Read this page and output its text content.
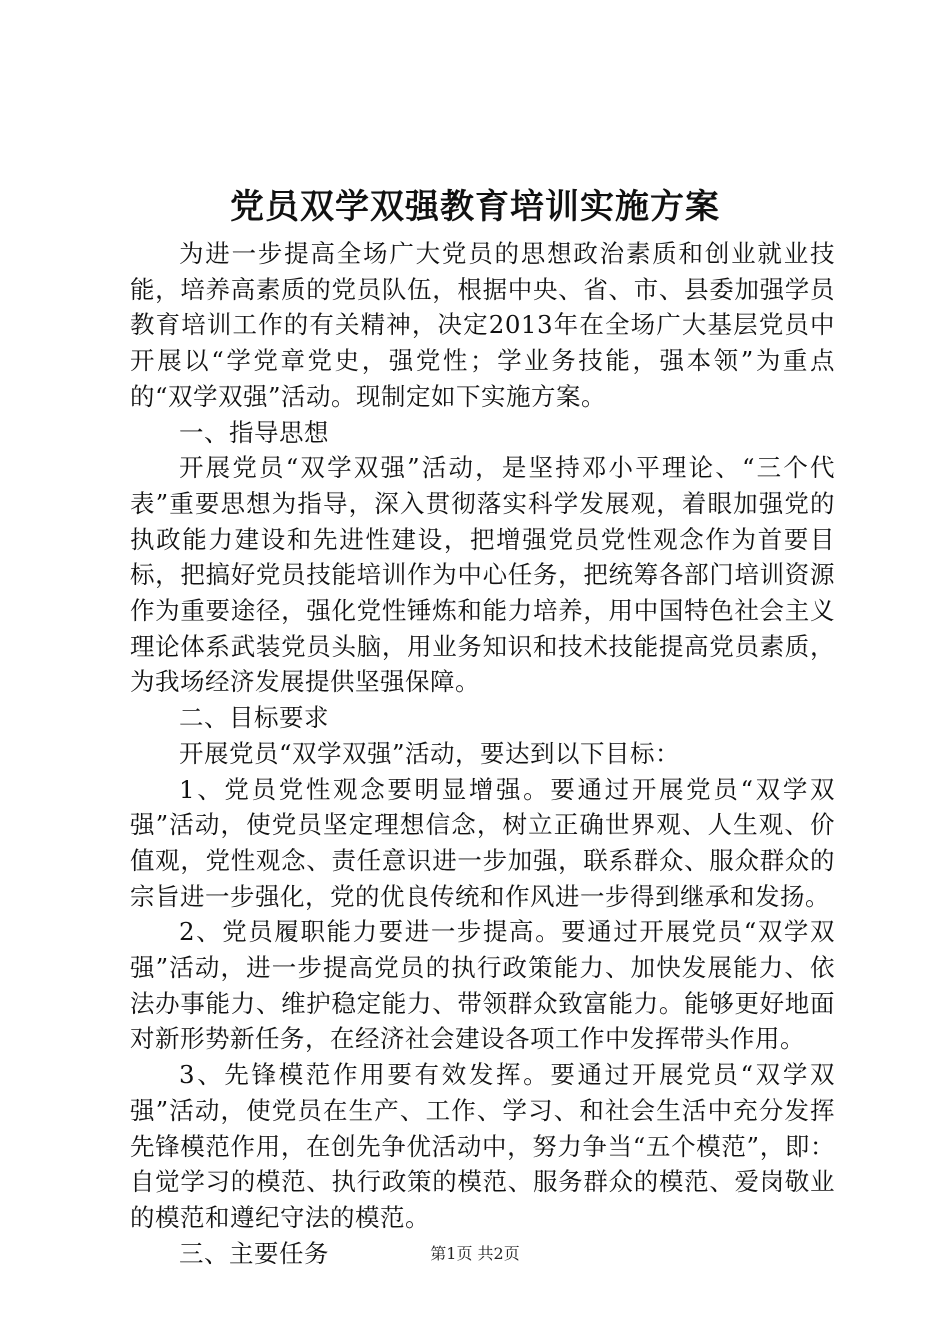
党员双学双强教育培训实施方案

为进一步提高全场广大党员的思想政治素质和创业就业技能，培养高素质的党员队伍，根据中央、省、市、县委加强学员教育培训工作的有关精神，决定2013年在全场广大基层党员中开展以“学党章党史，强党性；学业务技能，强本领”为重点的“双学双强”活动。现制定如下实施方案。

一、指导思想

开展党员“双学双强”活动，是坚持邓小平理论、“三个代表”重要思想为指导，深入贯彻落实科学发展观，着眼加强党的执政能力建设和先进性建设，把增强党员党性观念作为首要目标，把搞好党员技能培训作为中心任务，把统筹各部门培训资源作为重要途径，强化党性锤炼和能力培养，用中国特色社会主义理论体系武装党员头脑，用业务知识和技术技能提高党员素质，为我场经济发展提供坚强保障。

二、目标要求

开展党员“双学双强”活动，要达到以下目标：

1、党员党性观念要明显增强。要通过开展党员“双学双强”活动，使党员坚定理想信念，树立正确世界观、人生观、价值观，党性观念、责任意识进一步加强，联系群众、服众群众的宗旨进一步强化，党的优良传统和作风进一步得到继承和发扬。

2、党员履职能力要进一步提高。要通过开展党员“双学双强”活动，进一步提高党员的执行政策能力、加快发展能力、依法办事能力、维护稳定能力、带领群众致富能力。能够更好地面对新形势新任务，在经济社会建设各项工作中发挥带头作用。

3、先锋模范作用要有效发挥。要通过开展党员“双学双强”活动，使党员在生产、工作、学习、和社会生活中充分发挥先锋模范作用，在创先争优活动中，努力争当“五个模范”，即：自觉学习的模范、执行政策的模范、服务群众的模范、爱岗敬业的模范和遵纪守法的模范。

三、主要任务	第1页 共2页
